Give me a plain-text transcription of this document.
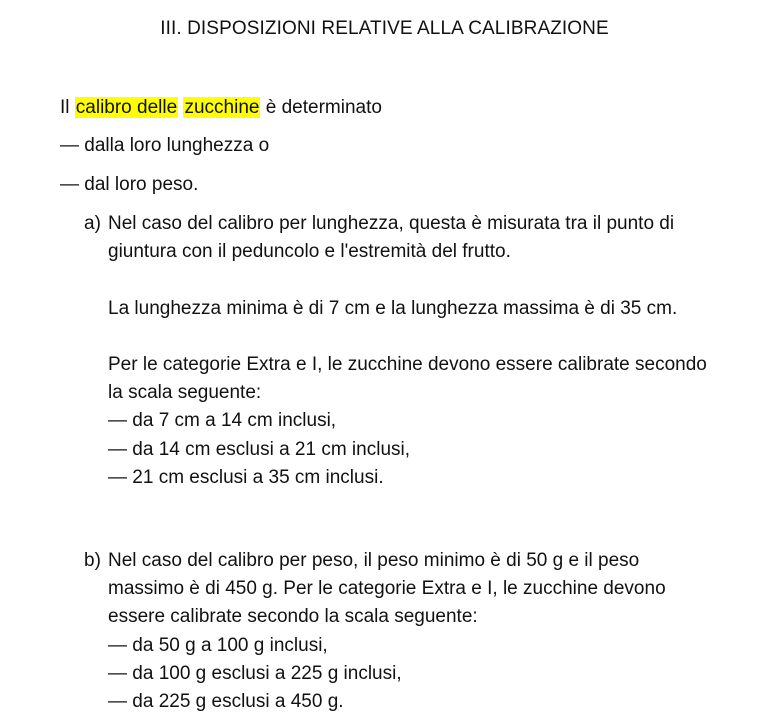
III. DISPOSIZIONI RELATIVE ALLA CALIBRAZIONE
Il calibro delle zucchine è determinato
— dalla loro lunghezza o
— dal loro peso.
a) Nel caso del calibro per lunghezza, questa è misurata tra il punto di giuntura con il peduncolo e l'estremità del frutto.

La lunghezza minima è di 7 cm e la lunghezza massima è di 35 cm.

Per le categorie Extra e I, le zucchine devono essere calibrate secondo la scala seguente:

— da 7 cm a 14 cm inclusi,
— da 14 cm esclusi a 21 cm inclusi,
— 21 cm esclusi a 35 cm inclusi.
b) Nel caso del calibro per peso, il peso minimo è di 50 g e il peso massimo è di 450 g. Per le categorie Extra e I, le zucchine devono essere calibrate secondo la scala seguente:

— da 50 g a 100 g inclusi,
— da 100 g esclusi a 225 g inclusi,
— da 225 g esclusi a 450 g.
